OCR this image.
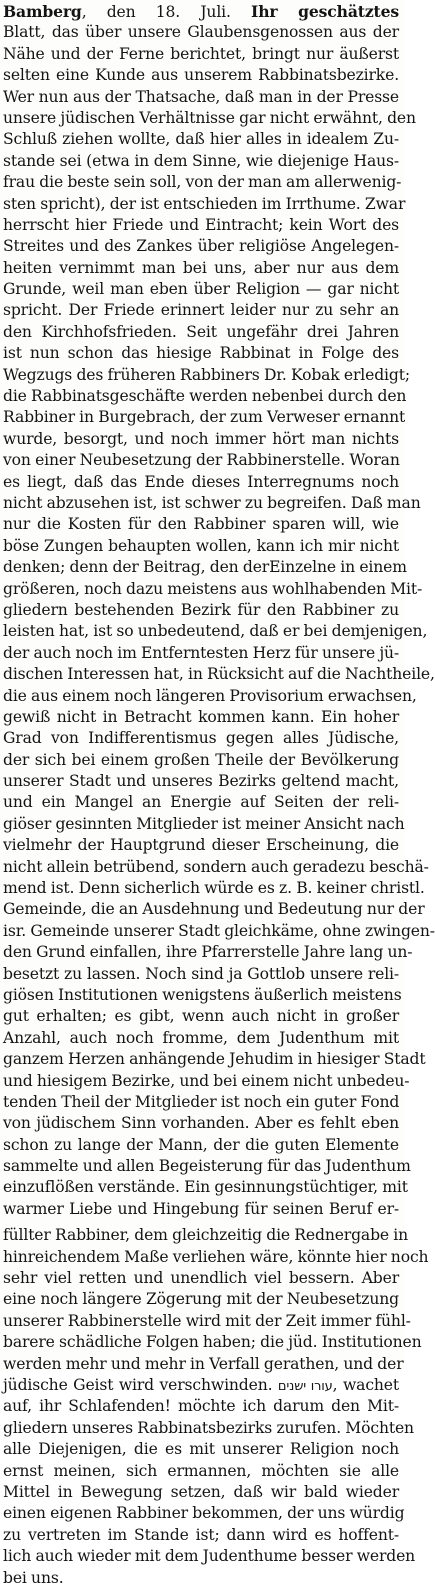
Bamberg, den 18. Juli. Ihr geschätztes
Blatt, das über unsere Glaubensgenossen aus der
Nähe und der Ferne berichtet, bringt nur äußerst
selten eine Kunde aus unserem Rabbinatsbezirke.
Wer nun aus der Thatsache, daß man in der Presse
unsere jüdischen Verhältnisse gar nicht erwähnt, den
Schluß ziehen wollte, daß hier alles in idealem Zu-
stande sei (etwa in dem Sinne, wie diejenige Haus-
frau die beste sein soll, von der man am allerwenig-
sten spricht), der ist entschieden im Irrthume. Zwar
herrscht hier Friede und Eintracht; kein Wort des
Streites und des Zankes über religiöse Angelegen-
heiten vernimmt man bei uns, aber nur aus dem
Grunde, weil man eben über Religion — gar nicht
spricht. Der Friede erinnert leider nur zu sehr an
den Kirchhofsfrieden. Seit ungefähr drei Jahren
ist nun schon das hiesige Rabbinat in Folge des
Wegzugs des früheren Rabbiners Dr. Kobak erledigt;
die Rabbinatsgeschäfte werden nebenbei durch den
Rabbiner in Burgebrach, der zum Verweser ernannt
wurde, besorgt, und noch immer hört man nichts
von einer Neubesetzung der Rabbinerstelle. Woran
es liegt, daß das Ende dieses Interregnums noch
nicht abzusehen ist, ist schwer zu begreifen. Daß man
nur die Kosten für den Rabbiner sparen will, wie
böse Zungen behaupten wollen, kann ich mir nicht
denken; denn der Beitrag, den derEinzelne in einem
größeren, noch dazu meistens aus wohlhabenden Mit-
gliedern bestehenden Bezirk für den Rabbiner zu
leisten hat, ist so unbedeutend, daß er bei demjenigen,
der auch noch im Entferntesten Herz für unsere jü-
dischen Interessen hat, in Rücksicht auf die Nachtheile,
die aus einem noch längeren Provisorium erwachsen,
gewiß nicht in Betracht kommen kann. Ein hoher
Grad von Indifferentismus gegen alles Jüdische,
der sich bei einem großen Theile der Bevölkerung
unserer Stadt und unseres Bezirks geltend macht,
und ein Mangel an Energie auf Seiten der reli-
giöser gesinnten Mitglieder ist meiner Ansicht nach
vielmehr der Hauptgrund dieser Erscheinung, die
nicht allein betrübend, sondern auch geradezu beschä-
mend ist. Denn sicherlich würde es z. B. keiner christl.
Gemeinde, die an Ausdehnung und Bedeutung nur der
isr. Gemeinde unserer Stadt gleichkäme, ohne zwingen-
den Grund einfallen, ihre Pfarrerstelle Jahre lang un-
besetzt zu lassen. Noch sind ja Gottlob unsere reli-
giösen Institutionen wenigstens äußerlich meistens
gut erhalten; es gibt, wenn auch nicht in großer
Anzahl, auch noch fromme, dem Judenthum mit
ganzem Herzen anhängende Jehudim in hiesiger Stadt
und hiesigem Bezirke, und bei einem nicht unbedeu-
tenden Theil der Mitglieder ist noch ein guter Fond
von jüdischem Sinn vorhanden. Aber es fehlt eben
schon zu lange der Mann, der die guten Elemente
sammelte und allen Begeisterung für das Judenthum
einzuflößen verstände. Ein gesinnungstüchtiger, mit
warmer Liebe und Hingebung für seinen Beruf er-
füllter Rabbiner, dem gleichzeitig die Rednergabe in
hinreichendem Maße verliehen wäre, könnte hier noch
sehr viel retten und unendlich viel bessern. Aber
eine noch längere Zögerung mit der Neubesetzung
unserer Rabbinerstelle wird mit der Zeit immer fühl-
barere schädliche Folgen haben; die jüd. Institutionen
werden mehr und mehr in Verfall gerathen, und der
jüdische Geist wird verschwinden. עורו ישנים, wachet
auf, ihr Schlafenden! möchte ich darum den Mit-
gliedern unseres Rabbinatsbezirks zurufen. Möchten
alle Diejenigen, die es mit unserer Religion noch
ernst meinen, sich ermannen, möchten sie alle
Mittel in Bewegung setzen, daß wir bald wieder
einen eigenen Rabbiner bekommen, der uns würdig
zu vertreten im Stande ist; dann wird es hoffent-
lich auch wieder mit dem Judenthume besser werden
bei uns.
